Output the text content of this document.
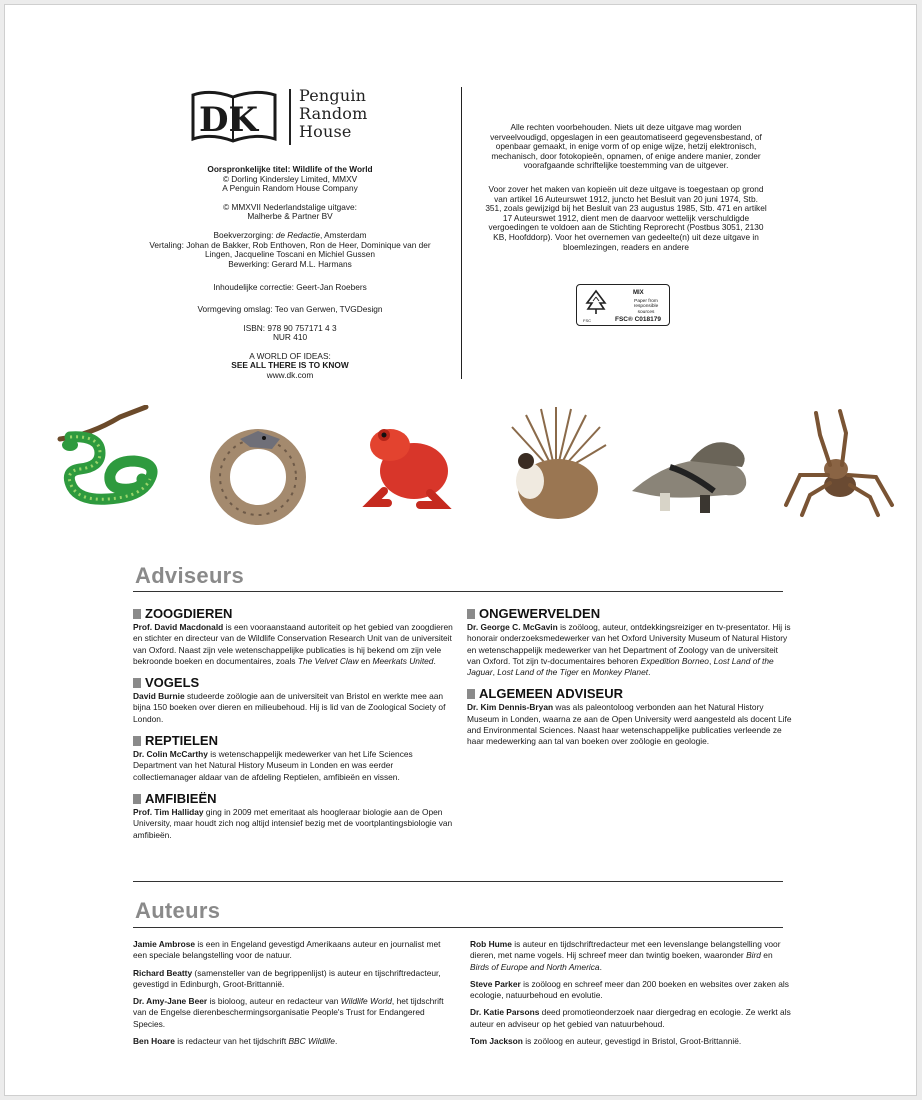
DK
Penguin
Random
House

Oorspronkelijke titel: Wildlife of the World
© Dorling Kindersley Limited, MMXV
A Penguin Random House Company

© MMXVII Nederlandstalige uitgave:
Malherbe & Partner BV

Boekverzorging: de Redactie, Amsterdam
Vertaling: Johan de Bakker, Rob Enthoven, Ron de Heer, Dominique van der Lingen, Jacqueline Toscani en Michiel Gussen
Bewerking: Gerard M.L. Harmans

Inhoudelijke correctie: Geert-Jan Roebers

Vormgeving omslag: Teo van Gerwen, TVGDesign

ISBN: 978 90 757171 4 3
NUR 410

A WORLD OF IDEAS:
SEE ALL THERE IS TO KNOW
www.dk.com

Alle rechten voorbehouden. Niets uit deze uitgave mag worden verveelvoudigd, opgeslagen in een geautomatiseerd gegevensbestand, of openbaar gemaakt, in enige vorm of op enige wijze, hetzij elektronisch, mechanisch, door fotokopieën, opnamen, of enige andere manier, zonder voorafgaande schriftelijke toestemming van de uitgever.

Voor zover het maken van kopieën uit deze uitgave is toegestaan op grond van artikel 16 Auteurswet 1912, juncto het Besluit van 20 juni 1974, Stb. 351, zoals gewijzigd bij het Besluit van 23 augustus 1985, Stb. 471 en artikel 17 Auteurswet 1912, dient men de daarvoor wettelijk verschuldigde vergoedingen te voldoen aan de Stichting Reprorecht (Postbus 3051, 2130 KB, Hoofddorp). Voor het overnemen van gedeelte(n) uit deze uitgave in bloemlezingen, readers en andere

MIX
Paper from responsible sources
FSC® C018179
FSC
Adviseurs
ZOOGDIEREN

Prof. David Macdonald is een vooraanstaand autoriteit op het gebied van zoogdieren en stichter en directeur van de Wildlife Conservation Research Unit van de universiteit van Oxford. Naast zijn vele wetenschappelijke publicaties is hij bekend om zijn vele bekroonde boeken en documentaires, zoals The Velvet Claw en Meerkats United.

VOGELS

David Burnie studeerde zoölogie aan de universiteit van Bristol en werkte mee aan bijna 150 boeken over dieren en milieubehoud. Hij is lid van de Zoological Society of London.

REPTIELEN

Dr. Colin McCarthy is wetenschappelijk medewerker van het Life Sciences Department van het Natural History Museum in Londen en was eerder collectiemanager aldaar van de afdeling Reptielen, amfibieën en vissen.

AMFIBIEËN

Prof. Tim Halliday ging in 2009 met emeritaat als hoogleraar biologie aan de Open University, maar houdt zich nog altijd intensief bezig met de voortplantingsbiologie van amfibieën.

ONGEWERVELDEN

Dr. George C. McGavin is zoöloog, auteur, ontdekkingsreiziger en tv-presentator. Hij is honorair onderzoeksmedewerker van het Oxford University Museum of Natural History en wetenschappelijk medewerker van het Department of Zoology van de universiteit van Oxford. Tot zijn tv-documentaires behoren Expedition Borneo, Lost Land of the Jaguar, Lost Land of the Tiger en Monkey Planet.

ALGEMEEN ADVISEUR

Dr. Kim Dennis-Bryan was als paleontoloog verbonden aan het Natural History Museum in Londen, waarna ze aan de Open University werd aangesteld als docent Life and Environmental Sciences. Naast haar wetenschappelijke publicaties verleende ze haar medewerking aan tal van boeken over zoölogie en geologie.

Auteurs

Jamie Ambrose is een in Engeland gevestigd Amerikaans auteur en journalist met een speciale belangstelling voor de natuur.

Richard Beatty (samensteller van de begrippenlijst) is auteur en tijschriftredacteur, gevestigd in Edinburgh, Groot-Brittannië.

Dr. Amy-Jane Beer is bioloog, auteur en redacteur van Wildlife World, het tijdschrift van de Engelse dierenbeschermingsorganisatie People's Trust for Endangered Species.

Ben Hoare is redacteur van het tijdschrift BBC Wildlife.

Rob Hume is auteur en tijdschriftredacteur met een levenslange belangstelling voor dieren, met name vogels. Hij schreef meer dan twintig boeken, waaronder Bird en Birds of Europe and North America.

Steve Parker is zoöloog en schreef meer dan 200 boeken en websites over zaken als ecologie, natuurbehoud en evolutie.

Dr. Katie Parsons deed promotieonderzoek naar diergedrag en ecologie. Ze werkt als auteur en adviseur op het gebied van natuurbehoud.

Tom Jackson is zoöloog en auteur, gevestigd in Bristol, Groot-Brittannië.
